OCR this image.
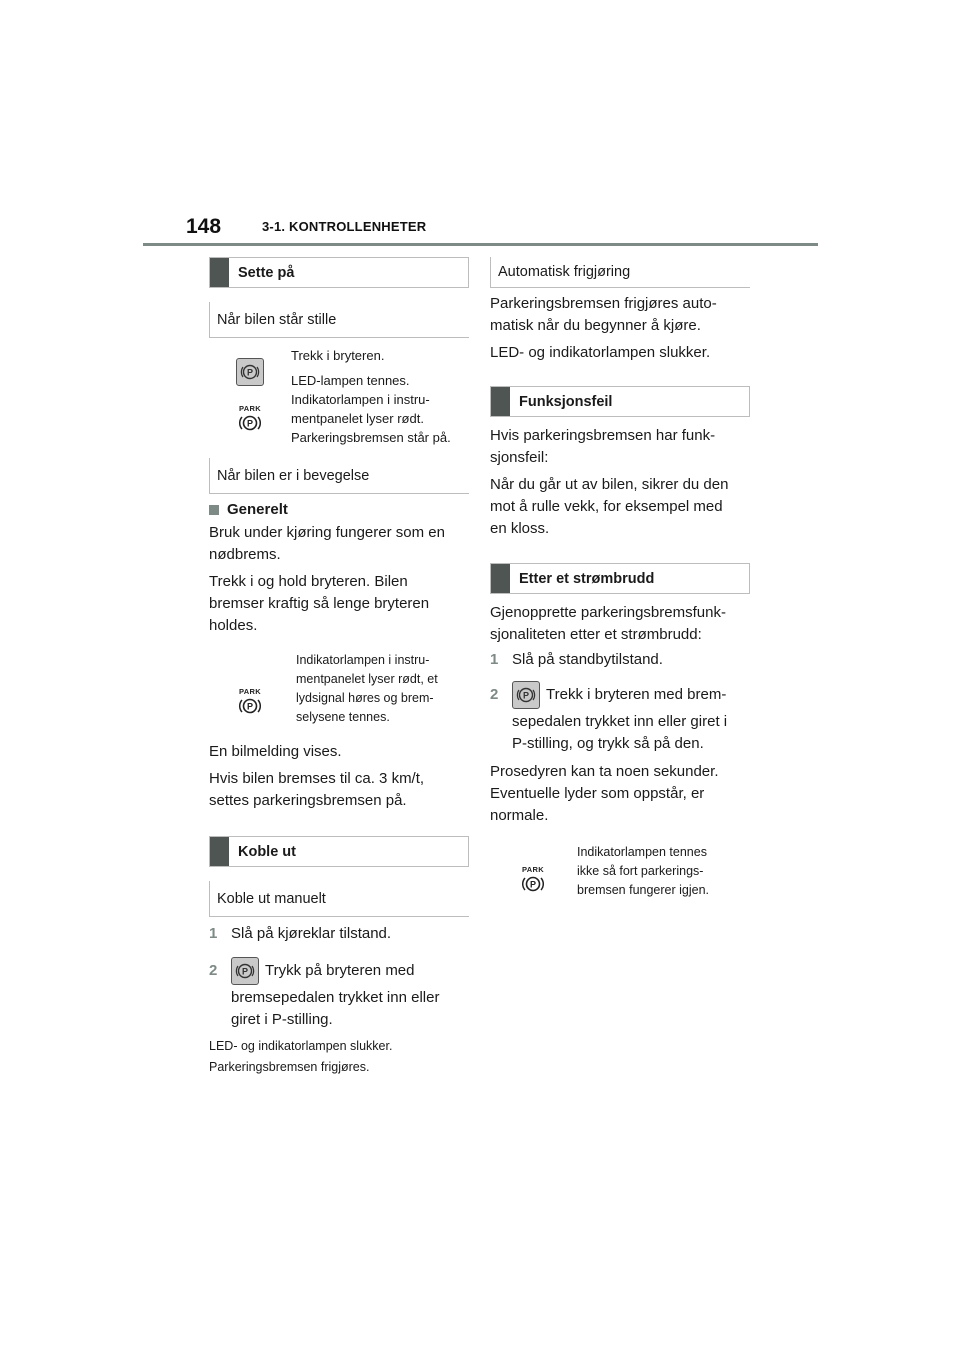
148	3-1. KONTROLLENHETER
Sette på
Når bilen står stille
P
PARK
P
Trekk i bryteren.
LED-lampen tennes.
Indikatorlampen i instru-
mentpanelet lyser rødt.
Parkeringsbremsen står på.
Når bilen er i bevegelse
Generelt
Bruk under kjøring fungerer som en
nødbrems.
Trekk i og hold bryteren. Bilen
bremser kraftig så lenge bryteren
holdes.
PARK
P
Indikatorlampen i instru-
mentpanelet lyser rødt, et
lydsignal høres og brem-
selysene tennes.
En bilmelding vises.
Hvis bilen bremses til ca. 3 km/t,
settes parkeringsbremsen på.
Koble ut
Koble ut manuelt
1 Slå på kjøreklar tilstand.
2	P Trykk på bryteren med
bremsepedalen trykket inn eller
giret i P-stilling.
LED- og indikatorlampen slukker.
Parkeringsbremsen frigjøres.
Automatisk frigjøring
Parkeringsbremsen frigjøres auto-
matisk når du begynner å kjøre.
LED- og indikatorlampen slukker.
Funksjonsfeil
Hvis parkeringsbremsen har funk-
sjonsfeil:
Når du går ut av bilen, sikrer du den
mot å rulle vekk, for eksempel med
en kloss.
Etter et strømbrudd
Gjenopprette parkeringsbremsfunk-
sjonaliteten etter et strømbrudd:
1 Slå på standbytilstand.
2	P Trekk i bryteren med brem-
sepedalen trykket inn eller giret i
P-stilling, og trykk så på den.
Prosedyren kan ta noen sekunder.
Eventuelle lyder som oppstår, er
normale.
PARK
P
Indikatorlampen tennes
ikke så fort parkerings-
bremsen fungerer igjen.
